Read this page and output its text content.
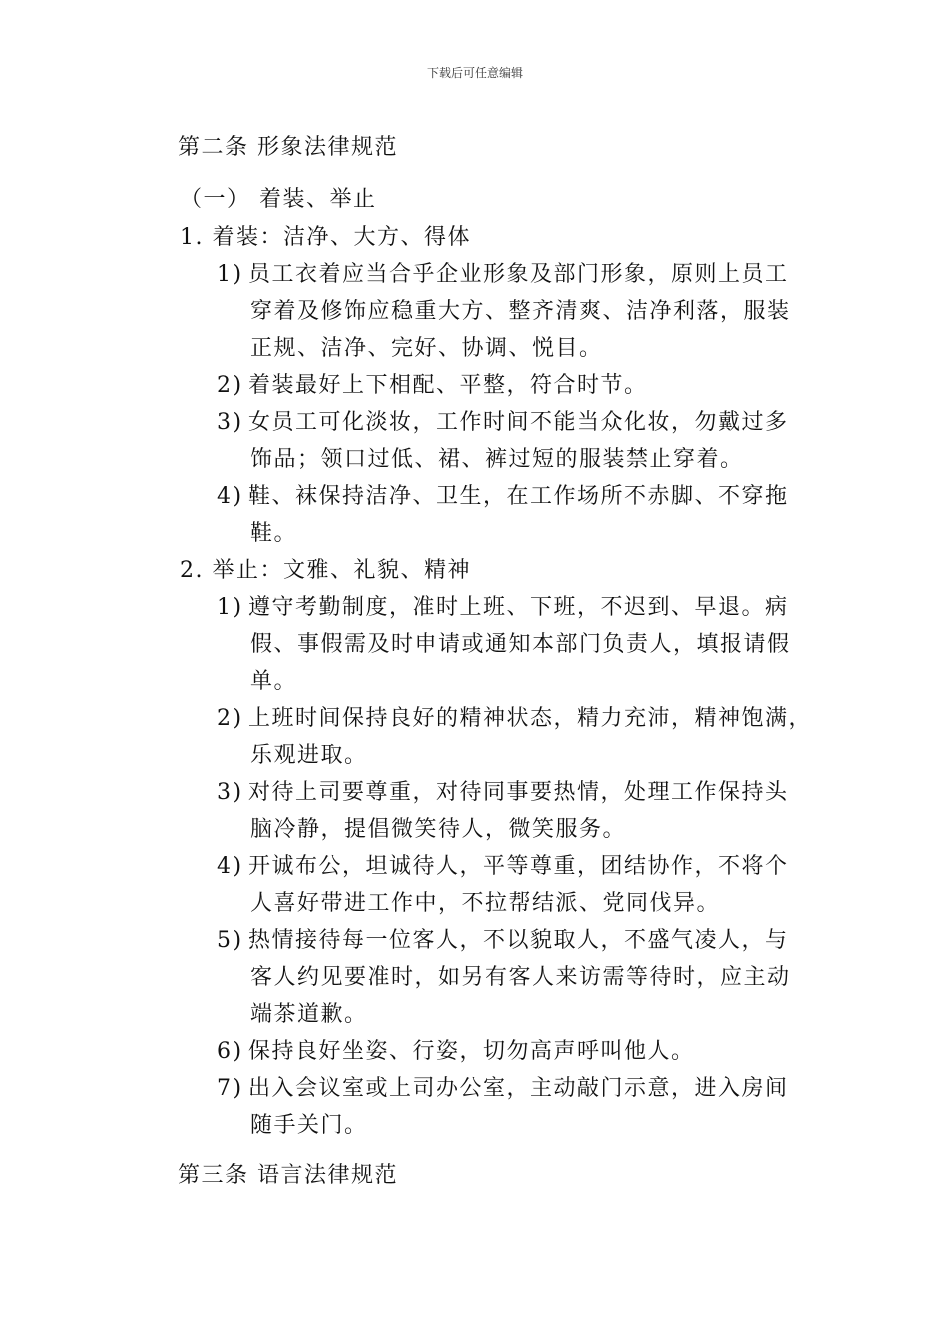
下载后可任意编辑
第二条 形象法律规范
（一） 着装、举止
1. 着装：洁净、大方、得体
1) 员工衣着应当合乎企业形象及部门形象，原则上员工
穿着及修饰应稳重大方、整齐清爽、洁净利落，服装
正规、洁净、完好、协调、悦目。
2) 着装最好上下相配、平整，符合时节。
3) 女员工可化淡妆，工作时间不能当众化妆，勿戴过多
饰品；领口过低、裙、裤过短的服装禁止穿着。
4) 鞋、袜保持洁净、卫生，在工作场所不赤脚、不穿拖
鞋。
2. 举止：文雅、礼貌、精神
1) 遵守考勤制度，准时上班、下班，不迟到、早退。病
假、事假需及时申请或通知本部门负责人，填报请假
单。
2) 上班时间保持良好的精神状态，精力充沛，精神饱满，
乐观进取。
3) 对待上司要尊重，对待同事要热情，处理工作保持头
脑冷静，提倡微笑待人，微笑服务。
4) 开诚布公，坦诚待人，平等尊重，团结协作，不将个
人喜好带进工作中，不拉帮结派、党同伐异。
5) 热情接待每一位客人，不以貌取人，不盛气凌人，与
客人约见要准时，如另有客人来访需等待时，应主动
端茶道歉。
6) 保持良好坐姿、行姿，切勿高声呼叫他人。
7) 出入会议室或上司办公室，主动敲门示意，进入房间
随手关门。
第三条 语言法律规范
